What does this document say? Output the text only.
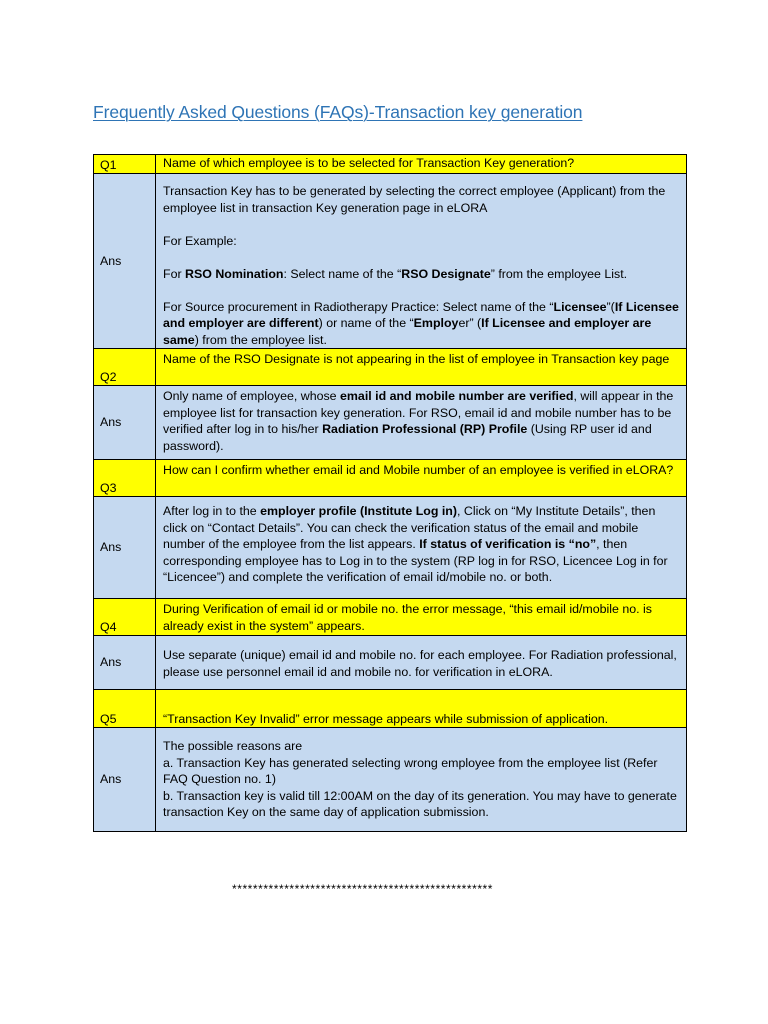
Frequently Asked Questions (FAQs)-Transaction key generation
Q1	Name of which employee is to be selected for Transaction Key generation?
Ans	Transaction Key has to be generated by selecting the correct employee (Applicant) from the employee list in transaction Key generation page in eLORA

For Example:

For RSO Nomination: Select name of the “RSO Designate” from the employee List.

For Source procurement in Radiotherapy Practice: Select name of the “Licensee”(If Licensee and employer are different) or name of the “Employer” (If Licensee and employer are same) from the employee list.

Q2	Name of the RSO Designate is not appearing in the list of employee in Transaction key page
Ans	Only name of employee, whose email id and mobile number are verified, will appear in the employee list for transaction key generation. For RSO, email id and mobile number has to be verified after log in to his/her Radiation Professional (RP) Profile (Using RP user id and password).
Q3	How can I confirm whether email id and Mobile number of an employee is verified in eLORA?
Ans	After log in to the employer profile (Institute Log in), Click on “My Institute Details”, then click on “Contact Details”. You can check the verification status of the email and mobile number of the employee from the list appears. If status of verification is “no”, then corresponding employee has to Log in to the system (RP log in for RSO, Licencee Log in for “Licencee”) and complete the verification of email id/mobile no. or both.
Q4	During Verification of email id or mobile no. the error message, “this email id/mobile no. is already exist in the system” appears.
Ans	Use separate (unique) email id and mobile no. for each employee. For Radiation professional, please use personnel email id and mobile no. for verification in eLORA.
Q5	“Transaction Key Invalid” error message appears while submission of application.
Ans	The possible reasons are

a. Transaction Key has generated selecting wrong employee from the employee list (Refer FAQ Question no. 1)

b. Transaction key is valid till 12:00AM on the day of its generation. You may have to generate transaction Key on the same day of application submission.

**************************************************
